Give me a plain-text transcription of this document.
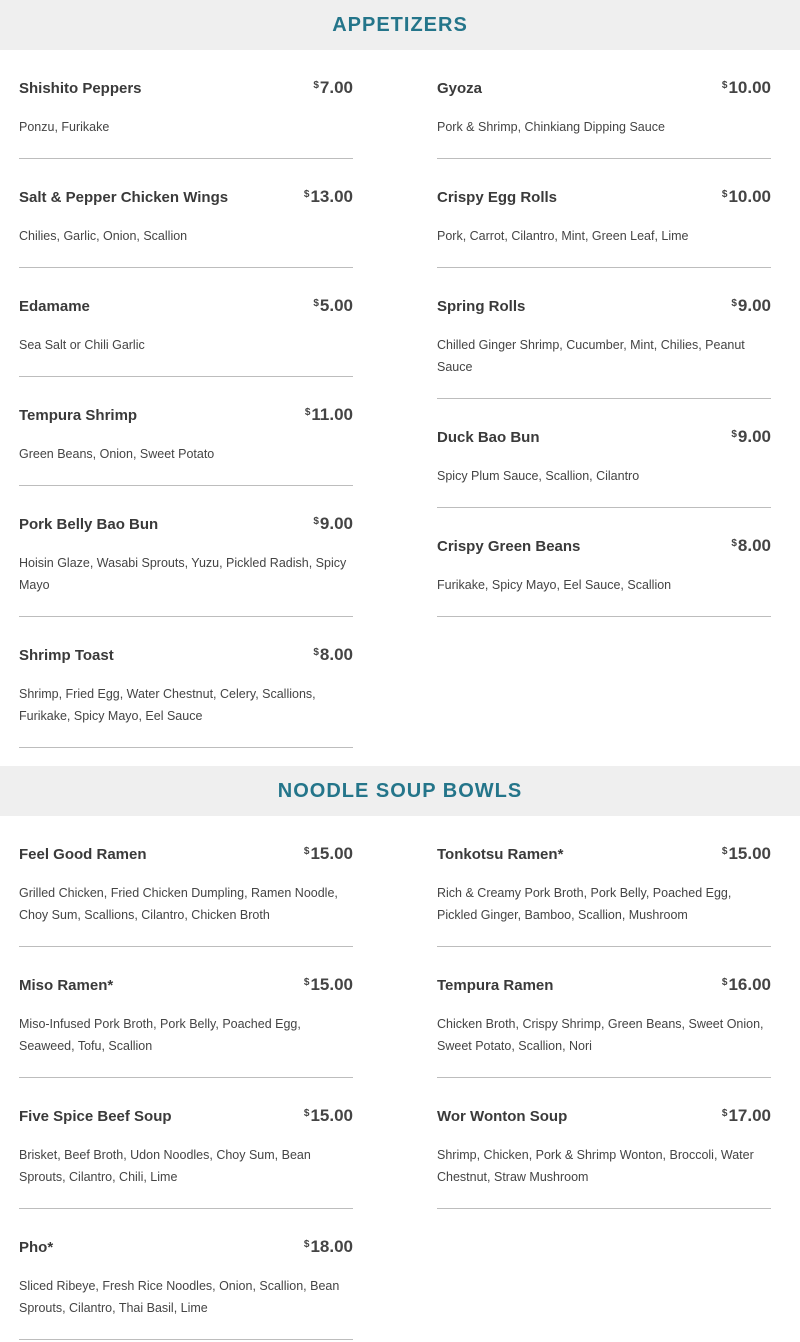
APPETIZERS
Shishito Peppers	$7.00
Ponzu, Furikake
Salt & Pepper Chicken Wings	$13.00
Chilies, Garlic, Onion, Scallion
Edamame	$5.00
Sea Salt or Chili Garlic
Tempura Shrimp	$11.00
Green Beans, Onion, Sweet Potato
Pork Belly Bao Bun	$9.00
Hoisin Glaze, Wasabi Sprouts, Yuzu, Pickled Radish, Spicy Mayo
Shrimp Toast	$8.00
Shrimp, Fried Egg, Water Chestnut, Celery, Scallions, Furikake, Spicy Mayo, Eel Sauce
Gyoza	$10.00
Pork & Shrimp, Chinkiang Dipping Sauce
Crispy Egg Rolls	$10.00
Pork, Carrot, Cilantro, Mint, Green Leaf, Lime
Spring Rolls	$9.00
Chilled Ginger Shrimp, Cucumber, Mint, Chilies, Peanut Sauce
Duck Bao Bun	$9.00
Spicy Plum Sauce, Scallion, Cilantro
Crispy Green Beans	$8.00
Furikake, Spicy Mayo, Eel Sauce, Scallion
NOODLE SOUP BOWLS
Feel Good Ramen	$15.00
Grilled Chicken, Fried Chicken Dumpling, Ramen Noodle, Choy Sum, Scallions, Cilantro, Chicken Broth
Miso Ramen*	$15.00
Miso-Infused Pork Broth, Pork Belly, Poached Egg, Seaweed, Tofu, Scallion
Five Spice Beef Soup	$15.00
Brisket, Beef Broth, Udon Noodles, Choy Sum, Bean Sprouts, Cilantro, Chili, Lime
Pho*	$18.00
Sliced Ribeye, Fresh Rice Noodles, Onion, Scallion, Bean Sprouts, Cilantro, Thai Basil, Lime
Tonkotsu Ramen*	$15.00
Rich & Creamy Pork Broth, Pork Belly, Poached Egg, Pickled Ginger, Bamboo, Scallion, Mushroom
Tempura Ramen	$16.00
Chicken Broth, Crispy Shrimp, Green Beans, Sweet Onion, Sweet Potato, Scallion, Nori
Wor Wonton Soup	$17.00
Shrimp, Chicken, Pork & Shrimp Wonton, Broccoli, Water Chestnut, Straw Mushroom
